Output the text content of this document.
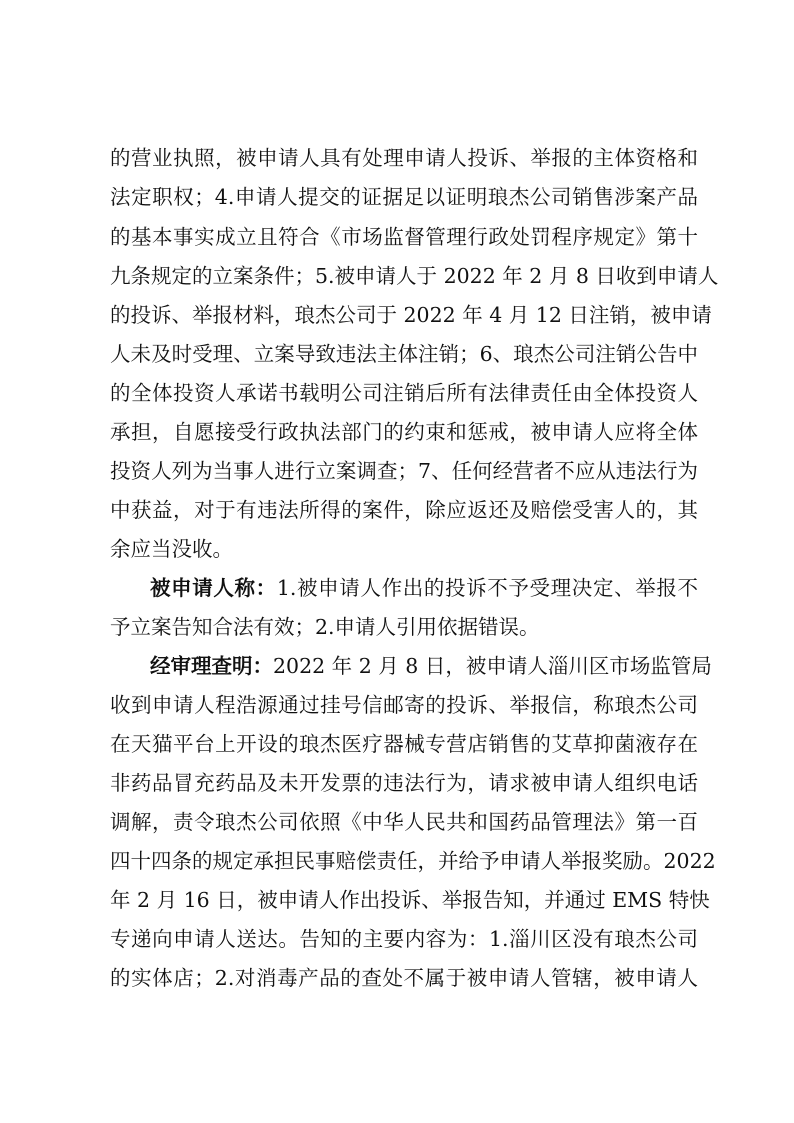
的营业执照，被申请人具有处理申请人投诉、举报的主体资格和
法定职权；4.申请人提交的证据足以证明琅杰公司销售涉案产品
的基本事实成立且符合《市场监督管理行政处罚程序规定》第十
九条规定的立案条件；5.被申请人于 2022 年 2 月 8 日收到申请人
的投诉、举报材料，琅杰公司于 2022 年 4 月 12 日注销，被申请
人未及时受理、立案导致违法主体注销；6、琅杰公司注销公告中
的全体投资人承诺书载明公司注销后所有法律责任由全体投资人
承担，自愿接受行政执法部门的约束和惩戒，被申请人应将全体
投资人列为当事人进行立案调查；7、任何经营者不应从违法行为
中获益，对于有违法所得的案件，除应返还及赔偿受害人的，其
余应当没收。
被申请人称：1.被申请人作出的投诉不予受理决定、举报不
予立案告知合法有效；2.申请人引用依据错误。
经审理查明：2022 年 2 月 8 日，被申请人淄川区市场监管局
收到申请人程浩源通过挂号信邮寄的投诉、举报信，称琅杰公司
在天猫平台上开设的琅杰医疗器械专营店销售的艾草抑菌液存在
非药品冒充药品及未开发票的违法行为，请求被申请人组织电话
调解，责令琅杰公司依照《中华人民共和国药品管理法》第一百
四十四条的规定承担民事赔偿责任，并给予申请人举报奖励。2022
年 2 月 16 日，被申请人作出投诉、举报告知，并通过 EMS 特快
专递向申请人送达。告知的主要内容为：1.淄川区没有琅杰公司
的实体店；2.对消毒产品的查处不属于被申请人管辖，被申请人
